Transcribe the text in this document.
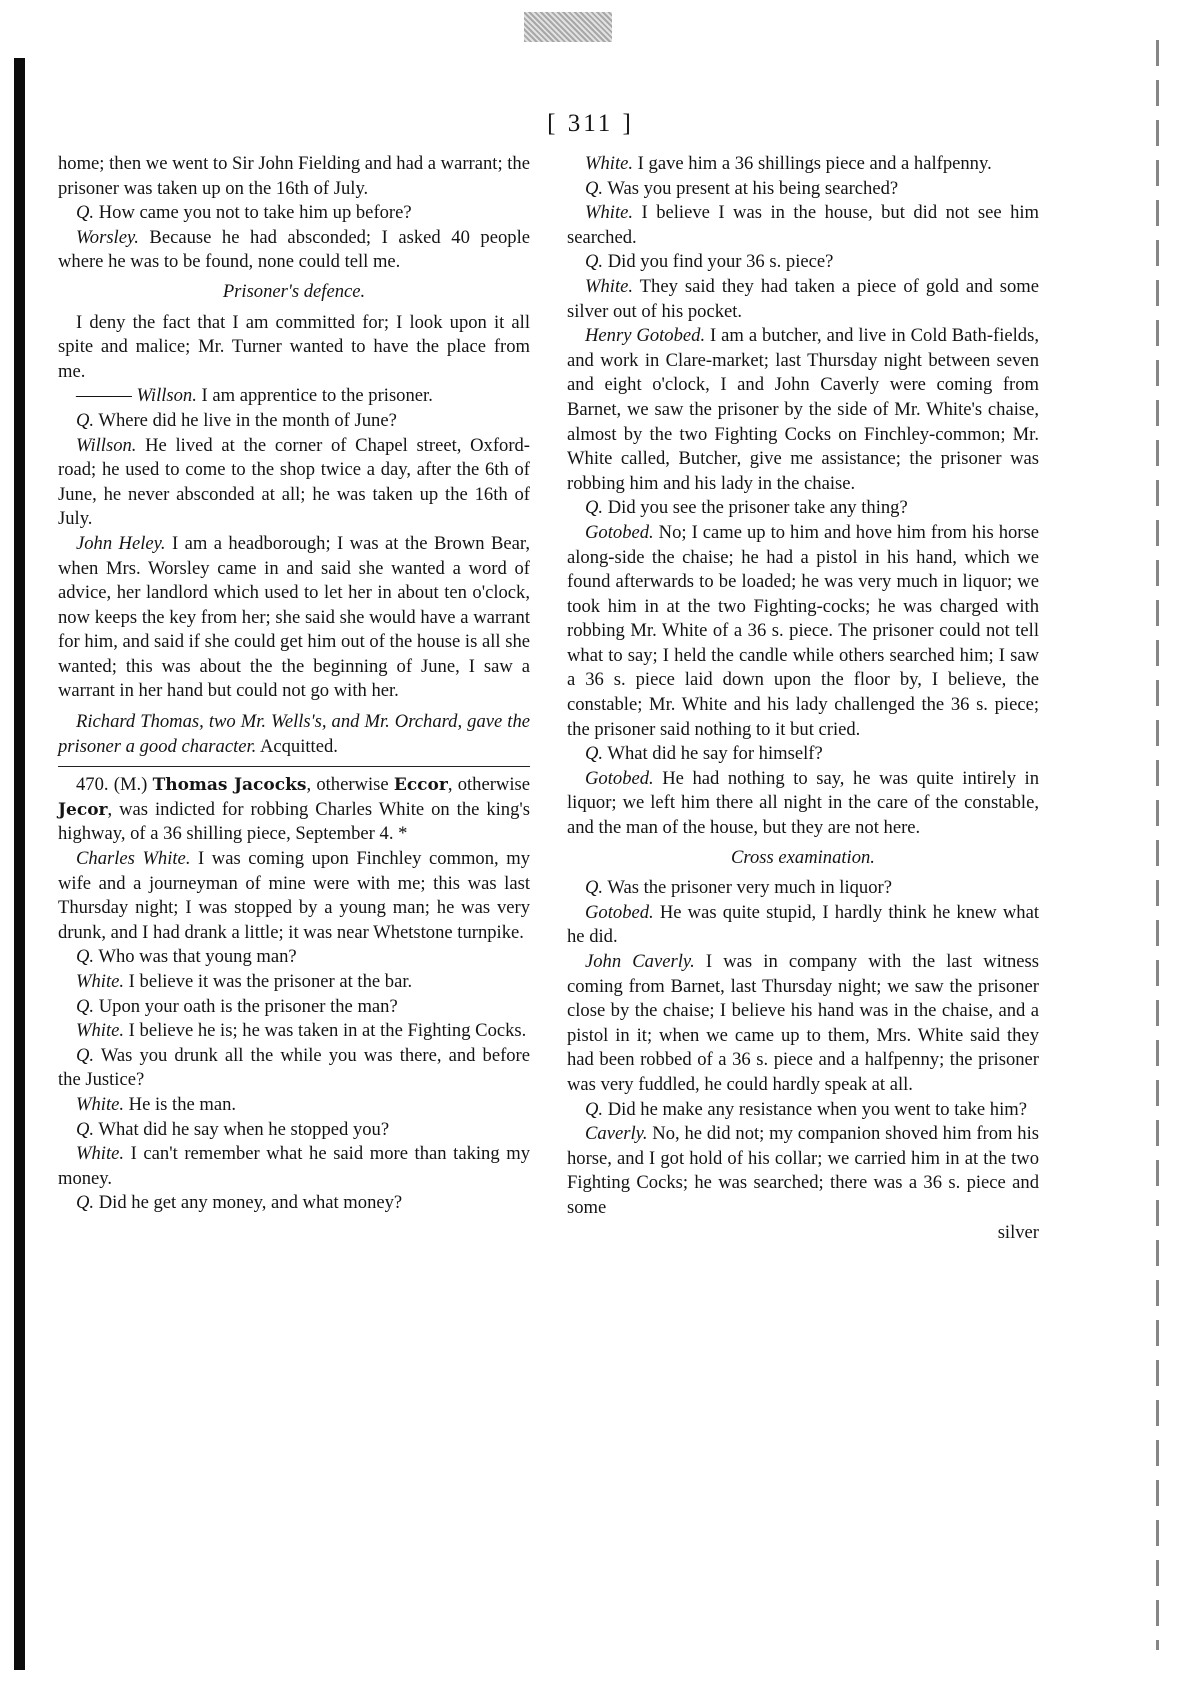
[ 311 ]

home; then we went to Sir John Fielding and had a warrant; the prisoner was taken up on the 16th of July.

Q. How came you not to take him up before?

Worsley. Because he had absconded; I asked 40 people where he was to be found, none could tell me.

Prisoner's defence.

I deny the fact that I am committed for; I look upon it all spite and malice; Mr. Turner wanted to have the place from me.

——— Willson. I am apprentice to the prisoner.

Q. Where did he live in the month of June?

Willson. He lived at the corner of Chapel street, Oxford-road; he used to come to the shop twice a day, after the 6th of June, he never absconded at all; he was taken up the 16th of July.

John Heley. I am a headborough; I was at the Brown Bear, when Mrs. Worsley came in and said she wanted a word of advice, her landlord which used to let her in about ten o'clock, now keeps the key from her; she said she would have a warrant for him, and said if she could get him out of the house is all she wanted; this was about the the beginning of June, I saw a warrant in her hand but could not go with her.

Richard Thomas, two Mr. Wells's, and Mr. Orchard, gave the prisoner a good character. Acquitted.

470. (M.) Thomas Jacocks, otherwise Eccor, otherwise Jecor, was indicted for robbing Charles White on the king's highway, of a 36 shilling piece, September 4. *

Charles White. I was coming upon Finchley common, my wife and a journeyman of mine were with me; this was last Thursday night; I was stopped by a young man; he was very drunk, and I had drank a little; it was near Whetstone turnpike.

Q. Who was that young man?

White. I believe it was the prisoner at the bar.

Q. Upon your oath is the prisoner the man?

White. I believe he is; he was taken in at the Fighting Cocks.

Q. Was you drunk all the while you was there, and before the Justice?

White. He is the man.

Q. What did he say when he stopped you?

White. I can't remember what he said more than taking my money.

Q. Did he get any money, and what money?

White. I gave him a 36 shillings piece and a halfpenny.

Q. Was you present at his being searched?

White. I believe I was in the house, but did not see him searched.

Q. Did you find your 36 s. piece?

White. They said they had taken a piece of gold and some silver out of his pocket.

Henry Gotobed. I am a butcher, and live in Cold Bath-fields, and work in Clare-market; last Thursday night between seven and eight o'clock, I and John Caverly were coming from Barnet, we saw the prisoner by the side of Mr. White's chaise, almost by the two Fighting Cocks on Finchley-common; Mr. White called, Butcher, give me assistance; the prisoner was robbing him and his lady in the chaise.

Q. Did you see the prisoner take any thing?

Gotobed. No; I came up to him and hove him from his horse along-side the chaise; he had a pistol in his hand, which we found afterwards to be loaded; he was very much in liquor; we took him in at the two Fighting-cocks; he was charged with robbing Mr. White of a 36 s. piece. The prisoner could not tell what to say; I held the candle while others searched him; I saw a 36 s. piece laid down upon the floor by, I believe, the constable; Mr. White and his lady challenged the 36 s. piece; the prisoner said nothing to it but cried.

Q. What did he say for himself?

Gotobed. He had nothing to say, he was quite intirely in liquor; we left him there all night in the care of the constable, and the man of the house, but they are not here.

Cross examination.

Q. Was the prisoner very much in liquor?

Gotobed. He was quite stupid, I hardly think he knew what he did.

John Caverly. I was in company with the last witness coming from Barnet, last Thursday night; we saw the prisoner close by the chaise; I believe his hand was in the chaise, and a pistol in it; when we came up to them, Mrs. White said they had been robbed of a 36 s. piece and a halfpenny; the prisoner was very fuddled, he could hardly speak at all.

Q. Did he make any resistance when you went to take him?

Caverly. No, he did not; my companion shoved him from his horse, and I got hold of his collar; we carried him in at the two Fighting Cocks; he was searched; there was a 36 s. piece and some

silver
